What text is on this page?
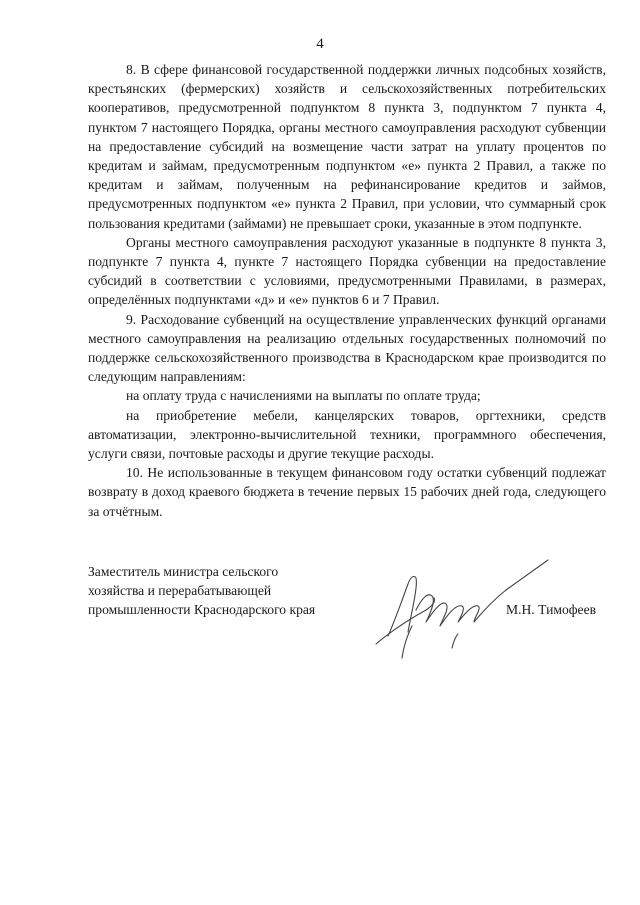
4

8. В сфере финансовой государственной поддержки личных подсобных хозяйств, крестьянских (фермерских) хозяйств и сельскохозяйственных потребительских кооперативов, предусмотренной подпунктом 8 пункта 3, подпунктом 7 пункта 4, пунктом 7 настоящего Порядка, органы местного самоуправления расходуют субвенции на предоставление субсидий на возмещение части затрат на уплату процентов по кредитам и займам, предусмотренным подпунктом «е» пункта 2 Правил, а также по кредитам и займам, полученным на рефинансирование кредитов и займов, предусмотренных подпунктом «е» пункта 2 Правил, при условии, что суммарный срок пользования кредитами (займами) не превышает сроки, указанные в этом подпункте.

Органы местного самоуправления расходуют указанные в подпункте 8 пункта 3, подпункте 7 пункта 4, пункте 7 настоящего Порядка субвенции на предоставление субсидий в соответствии с условиями, предусмотренными Правилами, в размерах, определённых подпунктами «д» и «е» пунктов 6 и 7 Правил.

9. Расходование субвенций на осуществление управленческих функций органами местного самоуправления на реализацию отдельных государственных полномочий по поддержке сельскохозяйственного производства в Краснодарском крае производится по следующим направлениям:

на оплату труда с начислениями на выплаты по оплате труда;

на приобретение мебели, канцелярских товаров, оргтехники, средств автоматизации, электронно-вычислительной техники, программного обеспечения, услуги связи, почтовые расходы и другие текущие расходы.

10. Не использованные в текущем финансовом году остатки субвенций подлежат возврату в доход краевого бюджета в течение первых 15 рабочих дней года, следующего за отчётным.

Заместитель министра сельского
хозяйства и перерабатывающей
промышленности Краснодарского края	М.Н. Тимофеев
